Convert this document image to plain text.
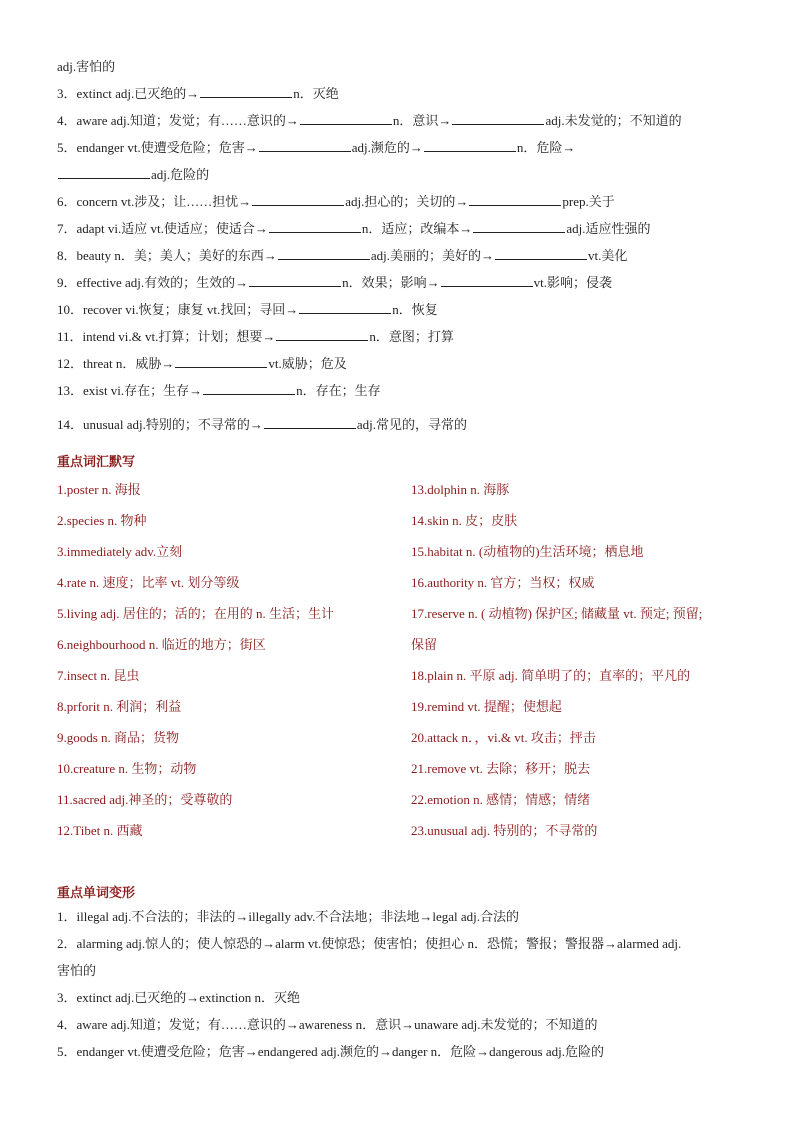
adj.害怕的
3．extinct adj.已灭绝的→	n．灭绝
4．aware adj.知道；发觉；有……意识的→	n．意识→	adj.未发觉的；不知道的
5．endanger vt.使遭受危险；危害→	adj.濒危的→	n．危险→
adj.危险的
6．concern vt.涉及；让……担忧→	adj.担心的；关切的→	prep.关于
7．adapt vi.适应 vt.使适应；使适合→	n．适应；改编本→	adj.适应性强的
8．beauty n．美；美人；美好的东西→	adj.美丽的；美好的→	vt.美化
9．effective adj.有效的；生效的→	n．效果；影响→	vt.影响；侵袭
10．recover vi.恢复；康复 vt.找回；寻回→	n．恢复
11．intend vi.& vt.打算；计划；想要→	n．意图；打算
12．threat n．威胁→	vt.威胁；危及
13．exist vi.存在；生存→	n．存在；生存
14．unusual adj.特别的；不寻常的→	adj.常见的，寻常的
重点词汇默写
1.poster n. 海报
2.species n. 物种
3.immediately adv.立刻
4.rate n. 速度；比率 vt. 划分等级
5.living adj. 居住的；活的；在用的 n. 生活；生计
6.neighbourhood n. 临近的地方；街区
7.insect n. 昆虫
8.prforit n. 利润；利益
9.goods n. 商品；货物
10.creature n. 生物；动物
11.sacred adj.神圣的；受尊敬的
12.Tibet n. 西藏
13.dolphin n. 海豚
14.skin n. 皮；皮肤
15.habitat n. (动植物的)生活环境；栖息地
16.authority n. 官方；当权；权威
17.reserve n. ( 动植物) 保护区; 储藏量 vt. 预定; 预留;
保留
18.plain n. 平原 adj. 简单明了的；直率的；平凡的
19.remind vt. 提醒；使想起
20.attack n．，vi.& vt. 攻击；抨击
21.remove vt. 去除；移开；脱去
22.emotion n. 感情；情感；情绪
23.unusual adj. 特别的；不寻常的
重点单词变形
1．illegal adj.不合法的；非法的→illegally adv.不合法地；非法地→legal adj.合法的
2．alarming adj.惊人的；使人惊恐的→alarm vt.使惊恐；使害怕；使担心 n．恐慌；警报；警报器→alarmed adj.
害怕的
3．extinct adj.已灭绝的→extinction n．灭绝
4．aware adj.知道；发觉；有……意识的→awareness n．意识→unaware adj.未发觉的；不知道的
5．endanger vt.使遭受危险；危害→endangered adj.濒危的→danger n．危险→dangerous adj.危险的
